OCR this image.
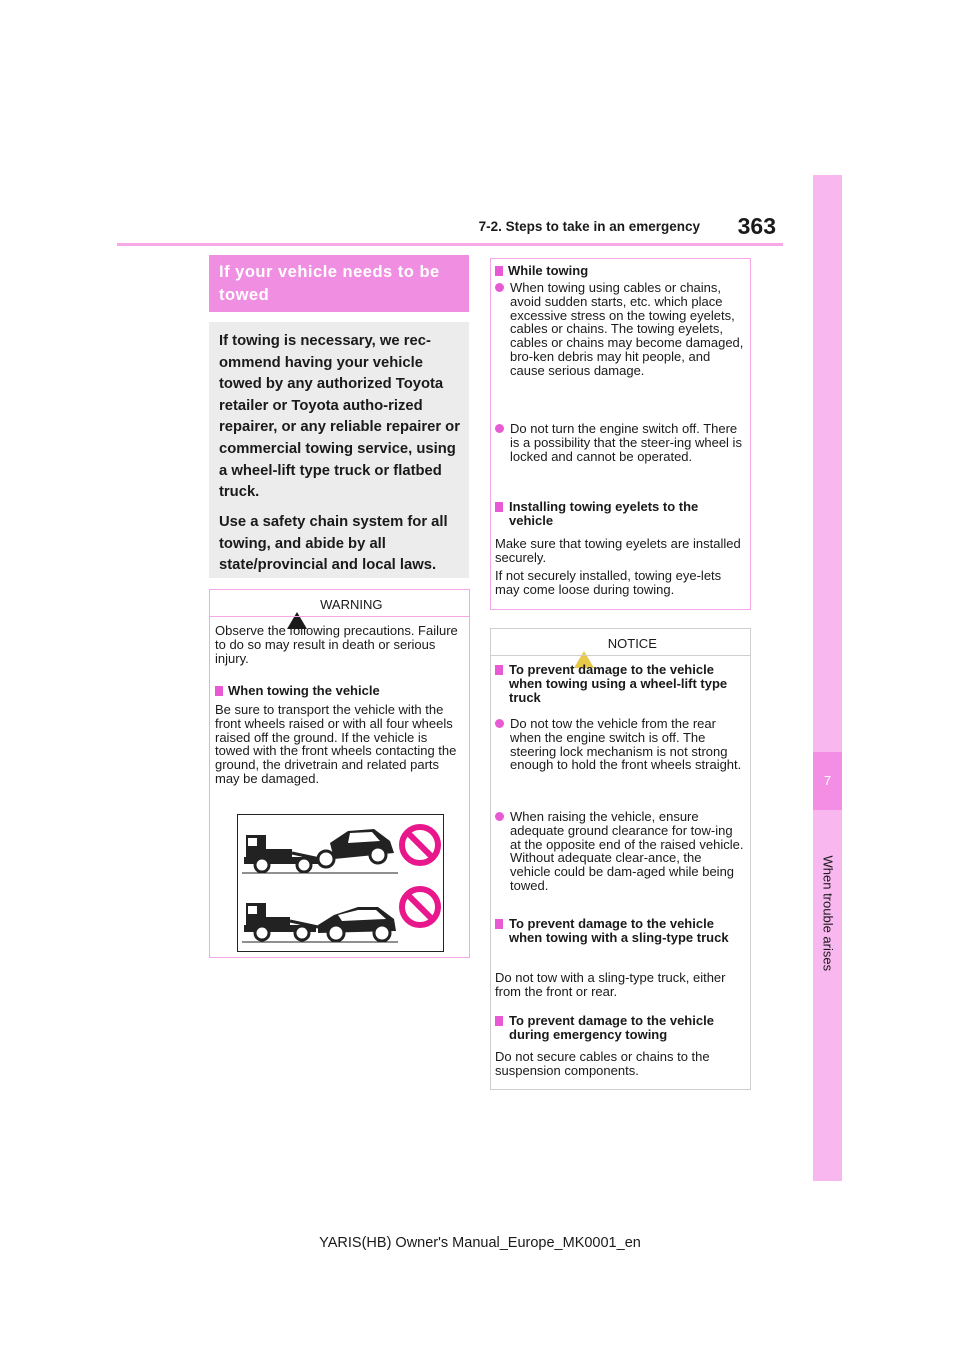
7-2. Steps to take in an emergency	363
7
When trouble arises
If your vehicle needs to be towed

If towing is necessary, we rec-ommend having your vehicle towed by any authorized Toyota retailer or Toyota autho-rized repairer, or any reliable repairer or commercial towing service, using a wheel-lift type truck or flatbed truck.

Use a safety chain system for all towing, and abide by all state/provincial and local laws.

! WARNING
Observe the following precautions. Failure to do so may result in death or serious injury.
When towing the vehicle
Be sure to transport the vehicle with the front wheels raised or with all four wheels raised off the ground. If the vehicle is towed with the front wheels contacting the ground, the drivetrain and related parts may be damaged.
While towing
When towing using cables or chains, avoid sudden starts, etc. which place excessive stress on the towing eyelets, cables or chains. The towing eyelets, cables or chains may become damaged, bro-ken debris may hit people, and cause serious damage.
Do not turn the engine switch off. There is a possibility that the steer-ing wheel is locked and cannot be operated.
Installing towing eyelets to the vehicle
Make sure that towing eyelets are installed securely.
If not securely installed, towing eye-lets may come loose during towing.
NOTICE
To prevent damage to the vehicle when towing using a wheel-lift type truck
Do not tow the vehicle from the rear when the engine switch is off. The steering lock mechanism is not strong enough to hold the front wheels straight.
When raising the vehicle, ensure adequate ground clearance for tow-ing at the opposite end of the raised vehicle. Without adequate clear-ance, the vehicle could be dam-aged while being towed.
To prevent damage to the vehicle when towing with a sling-type truck
Do not tow with a sling-type truck, either from the front or rear.
To prevent damage to the vehicle during emergency towing
Do not secure cables or chains to the suspension components.
YARIS(HB) Owner's Manual_Europe_MK0001_en
